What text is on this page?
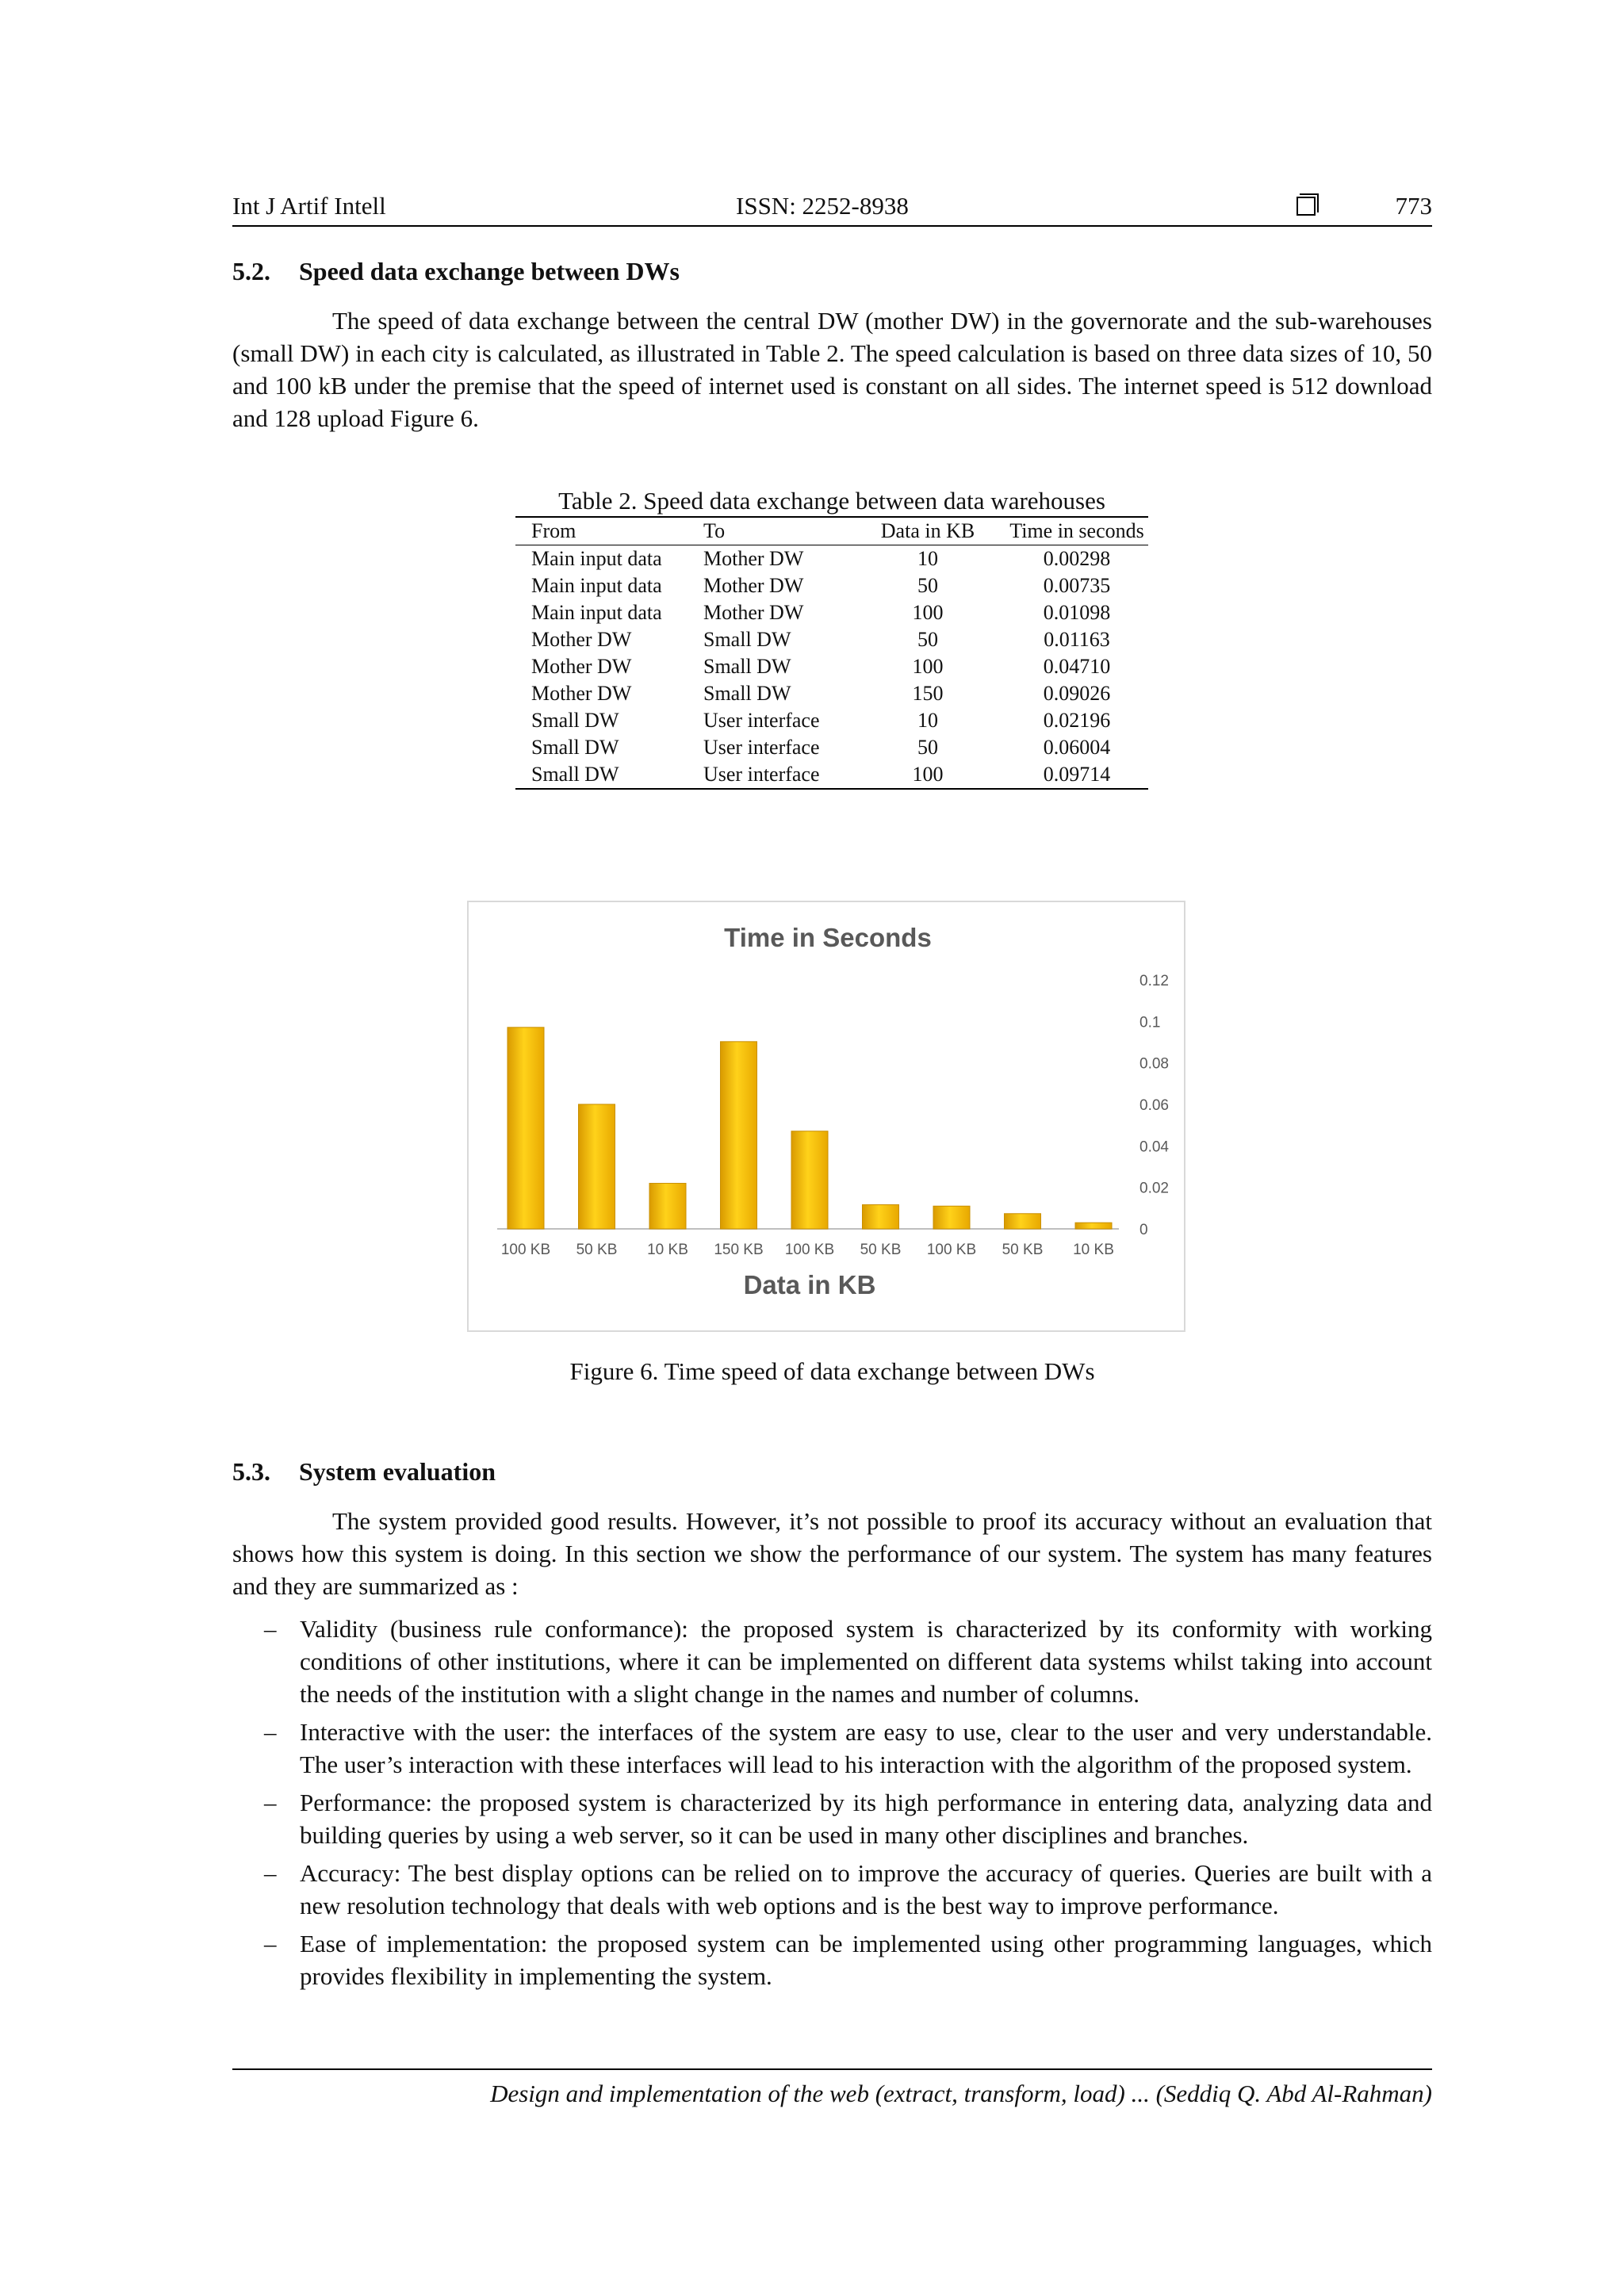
Int J Artif Intell	ISSN: 2252-8938	773
5.2. Speed data exchange between DWs

The speed of data exchange between the central DW (mother DW) in the governorate and the sub-warehouses (small DW) in each city is calculated, as illustrated in Table 2. The speed calculation is based on three data sizes of 10, 50 and 100 kB under the premise that the speed of internet used is constant on all sides. The internet speed is 512 download and 128 upload Figure 6.

Table 2. Speed data exchange between data warehouses
From	To	Data in KB	Time in seconds
Main input data	Mother DW	10	0.00298
Main input data	Mother DW	50	0.00735
Main input data	Mother DW	100	0.01098
Mother DW	Small DW	50	0.01163
Mother DW	Small DW	100	0.04710
Mother DW	Small DW	150	0.09026
Small DW	User interface	10	0.02196
Small DW	User interface	50	0.06004
Small DW	User interface	100	0.09714
Time in Seconds
Data in KB
100 KB 50 KB 10 KB 150 KB 100 KB 50 KB 100 KB 50 KB 10 KB
0
0.02
0.04
0.06
0.08
0.1
0.12
Figure 6. Time speed of data exchange between DWs
5.3. System evaluation

The system provided good results. However, it’s not possible to proof its accuracy without an evaluation that shows how this system is doing. In this section we show the performance of our system. The system has many features and they are summarized as :

– Validity (business rule conformance): the proposed system is characterized by its conformity with working conditions of other institutions, where it can be implemented on different data systems whilst taking into account the needs of the institution with a slight change in the names and number of columns.
– Interactive with the user: the interfaces of the system are easy to use, clear to the user and very understandable. The user’s interaction with these interfaces will lead to his interaction with the algorithm of the proposed system.
– Performance: the proposed system is characterized by its high performance in entering data, analyzing data and building queries by using a web server, so it can be used in many other disciplines and branches.
– Accuracy: The best display options can be relied on to improve the accuracy of queries. Queries are built with a new resolution technology that deals with web options and is the best way to improve performance.
– Ease of implementation: the proposed system can be implemented using other programming languages, which provides flexibility in implementing the system.
Design and implementation of the web (extract, transform, load) ... (Seddiq Q. Abd Al-Rahman)
